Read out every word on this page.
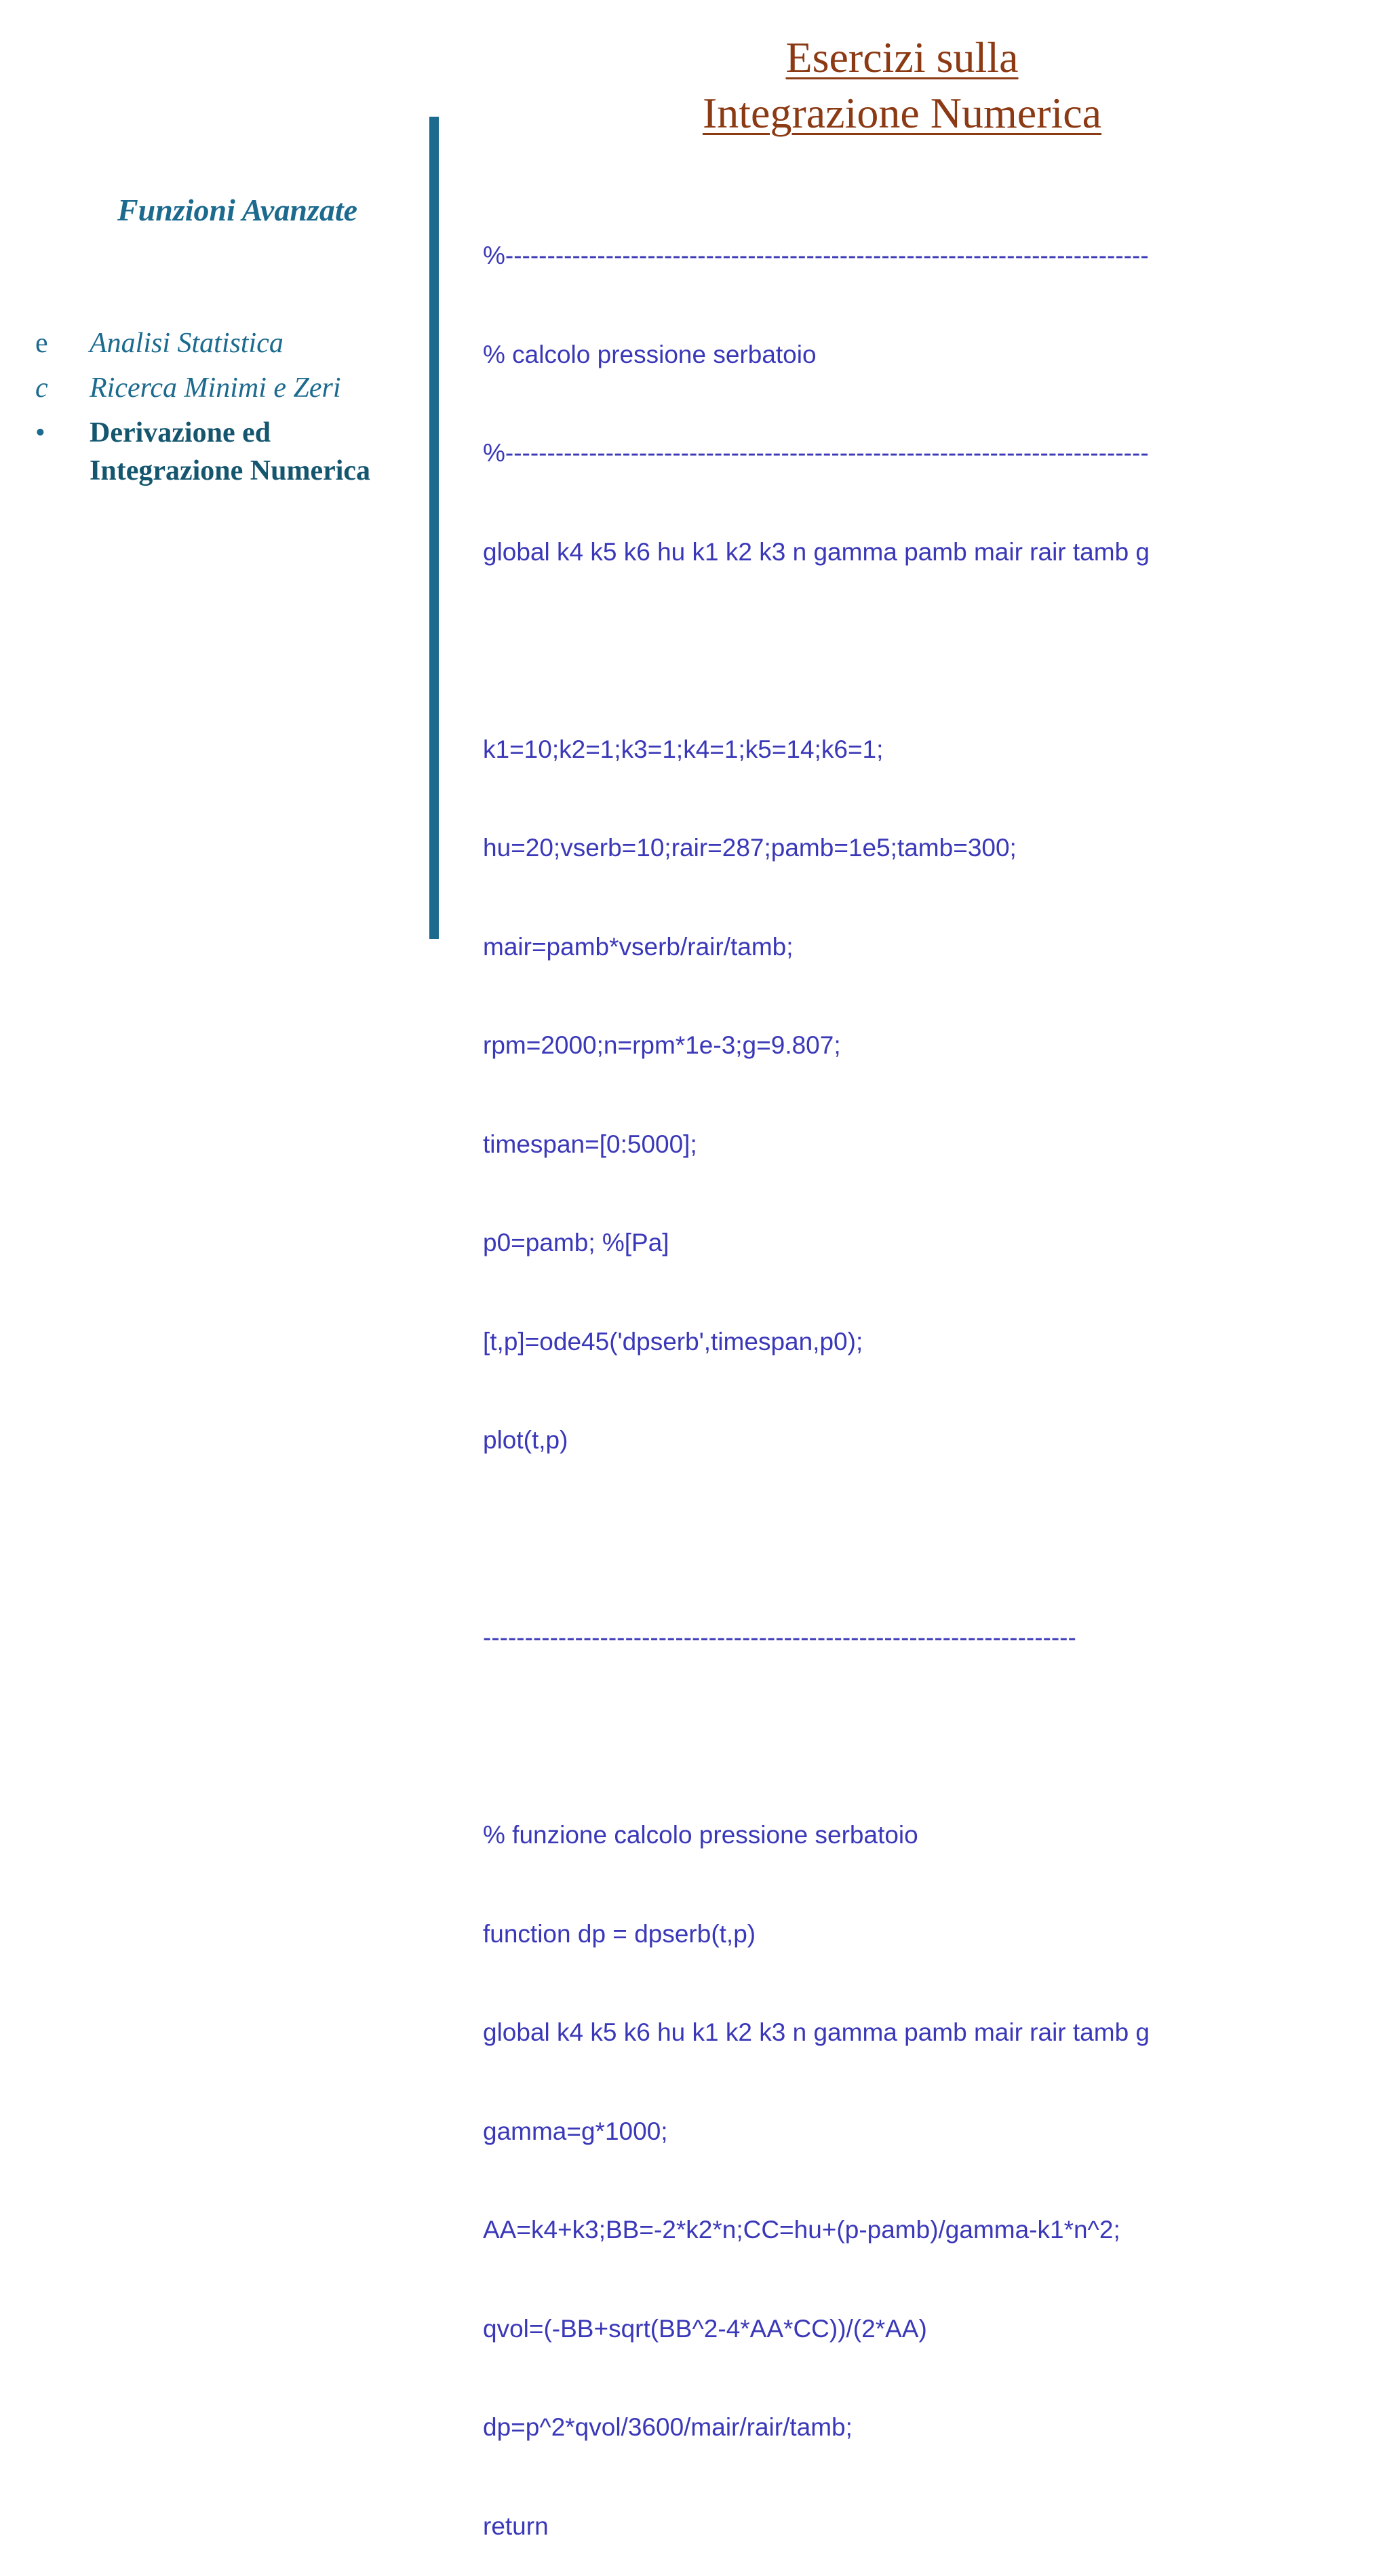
Esercizi sulla
Integrazione Numerica
Funzioni Avanzate
e	Analisi Statistica
c	Ricerca Minimi e Zeri
•	Derivazione ed
Integrazione Numerica

%-----------------------------------------------------------------------------

% calcolo pressione serbatoio

%-----------------------------------------------------------------------------

global k4 k5 k6 hu k1 k2 k3 n gamma pamb mair rair tamb g

k1=10;k2=1;k3=1;k4=1;k5=14;k6=1;

hu=20;vserb=10;rair=287;pamb=1e5;tamb=300;

mair=pamb*vserb/rair/tamb;

rpm=2000;n=rpm*1e-3;g=9.807;

timespan=[0:5000];

p0=pamb; %[Pa]

[t,p]=ode45('dpserb',timespan,p0);

plot(t,p)

-----------------------------------------------------------------------

% funzione calcolo pressione serbatoio

function dp = dpserb(t,p)

global k4 k5 k6 hu k1 k2 k3 n gamma pamb mair rair tamb g

gamma=g*1000;

AA=k4+k3;BB=-2*k2*n;CC=hu+(p-pamb)/gamma-k1*n^2;

qvol=(-BB+sqrt(BB^2-4*AA*CC))/(2*AA)

dp=p^2*qvol/3600/mair/rair/tamb;

return
